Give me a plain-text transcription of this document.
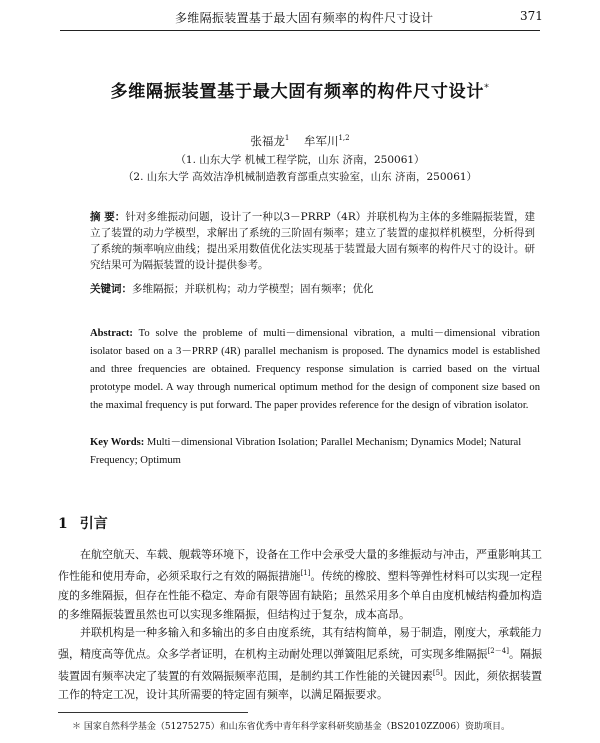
多维隔振装置基于最大固有频率的构件尺寸设计	371
多维隔振装置基于最大固有频率的构件尺寸设计*
张福龙$^1$ 牟军川$^{1,2}$
（1. 山东大学 机械工程学院，山东 济南，250061）
（2. 山东大学 高效洁净机械制造教育部重点实验室，山东 济南，250061）
摘 要：针对多维振动问题，设计了一种以3－PRRP（4R）并联机构为主体的多维隔振装置，建立了装置的动力学模型，求解出了系统的三阶固有频率；建立了装置的虚拟样机模型，分析得到了系统的频率响应曲线；提出采用数值优化法实现基于装置最大固有频率的构件尺寸的设计。研究结果可为隔振装置的设计提供参考。
关键词：多维隔振；并联机构；动力学模型；固有频率；优化
Abstract: To solve the probleme of multi－dimensional vibration, a multi－dimensional vibration isolator based on a 3－PRRP (4R) parallel mechanism is proposed. The dynamics model is established and three frequencies are obtained. Frequency response simulation is carried based on the virtual prototype model. A way through numerical optimum method for the design of component size based on the maximal frequency is put forward. The paper provides reference for the design of vibration isolator.
Key Words: Multi－dimensional Vibration Isolation; Parallel Mechanism; Dynamics Model; Natural Frequency; Optimum
1 引言

在航空航天、车载、舰载等环境下，设备在工作中会承受大量的多维振动与冲击，严重影响其工作性能和使用寿命，必须采取行之有效的隔振措施[1]。传统的橡胶、塑料等弹性材料可以实现一定程度的多维隔振，但存在性能不稳定、寿命有限等固有缺陷；虽然采用多个单自由度机械结构叠加构造的多维隔振装置虽然也可以实现多维隔振，但结构过于复杂，成本高昂。

并联机构是一种多输入和多输出的多自由度系统，其有结构简单，易于制造，刚度大，承载能力强，精度高等优点。众多学者证明，在机构主动耐处理以弹簧阻尼系统，可实现多维隔振[2－4]。隔振装置固有频率决定了装置的有效隔振频率范围，是制约其工作性能的关键因素[5]。因此，须依据装置工作的特定工况，设计其所需要的特定固有频率，以满足隔振要求。

＊ 国家自然科学基金（51275275）和山东省优秀中青年科学家科研奖励基金（BS2010ZZ006）资助项目。
